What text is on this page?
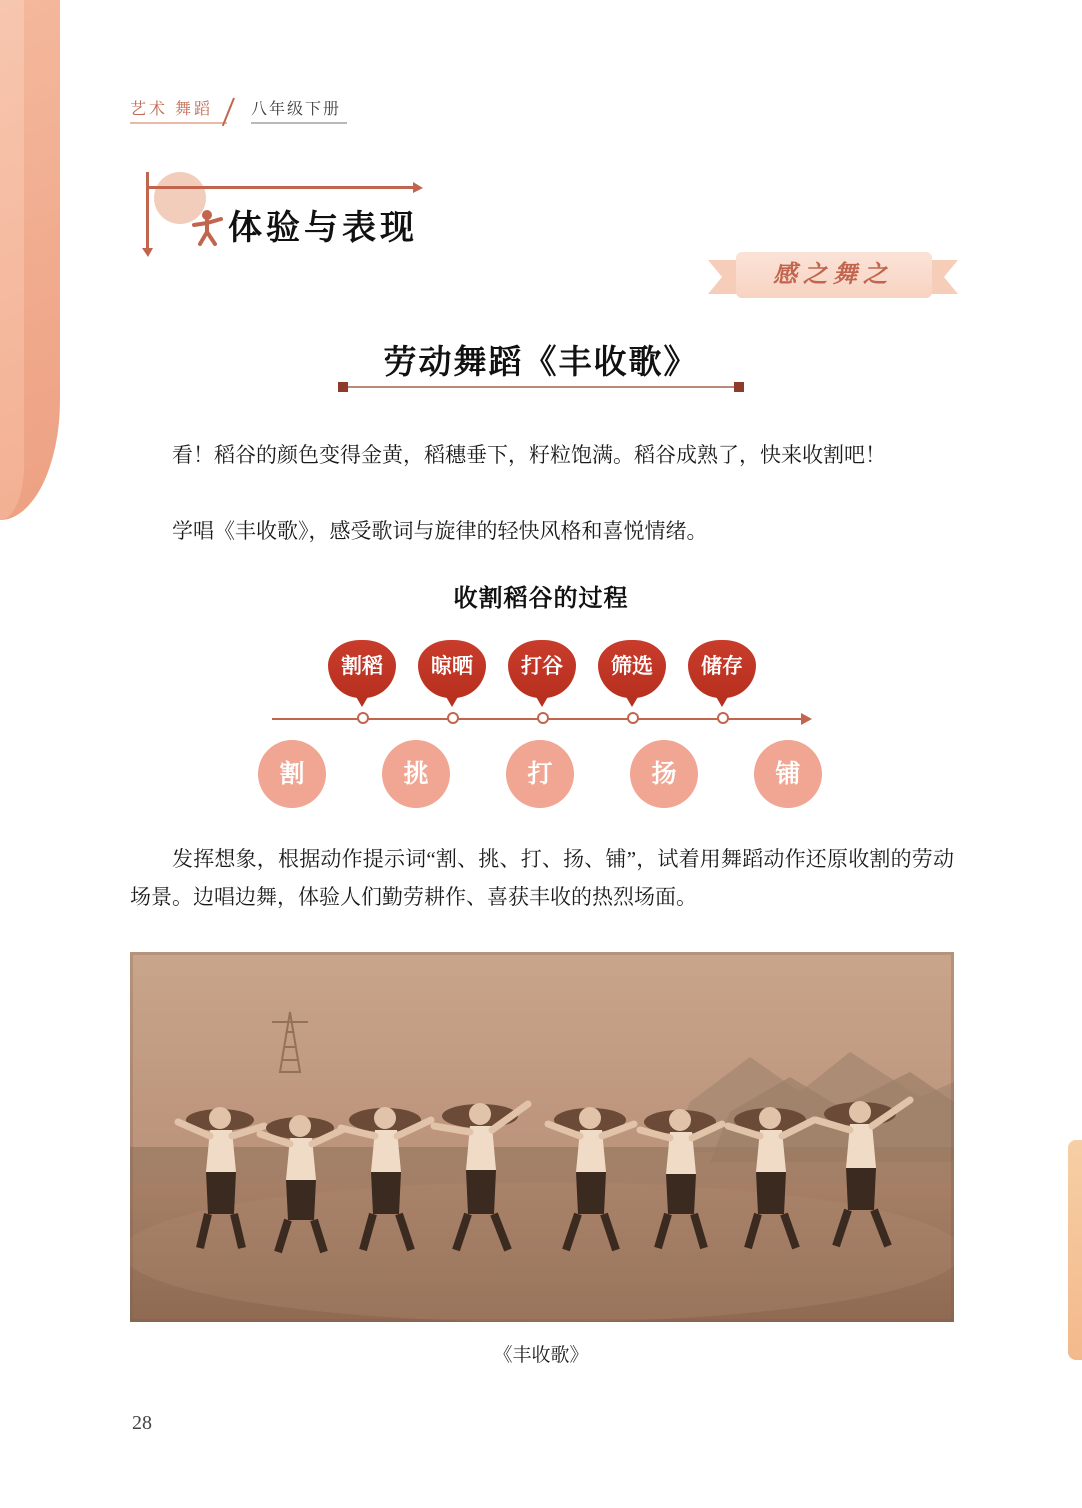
艺术 舞蹈	八年级下册
体验与表现
感之舞之
劳动舞蹈《丰收歌》
看！稻谷的颜色变得金黄，稻穗垂下，籽粒饱满。稻谷成熟了，快来收割吧！
学唱《丰收歌》，感受歌词与旋律的轻快风格和喜悦情绪。
收割稻谷的过程
割稻	晾晒	打谷	筛选	储存
割	挑	打	扬	铺
发挥想象，根据动作提示词“割、挑、打、扬、铺”，试着用舞蹈动作还原收割的劳动场景。边唱边舞，体验人们勤劳耕作、喜获丰收的热烈场面。
《丰收歌》
28
